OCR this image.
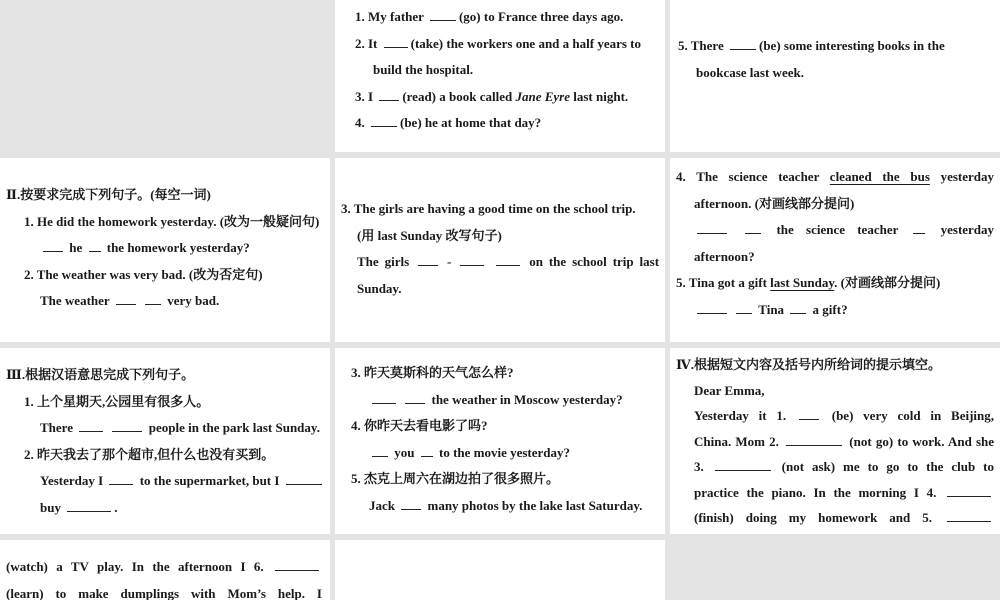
1. My father	(go) to France three days ago.
2. It	(take) the workers one and a half years to
build the hospital.
3. I (read) a book called Jane Eyre last night.
4.	(be) he at home that day?
5. There	(be) some interesting books in the
bookcase last week.
Ⅱ.按要求完成下列句子。(每空一词)
1. He did the homework yesterday. (改为一般疑问句)
he the homework yesterday?
2. The weather was very bad. (改为否定句)
The weather	very bad.
3. The girls are having a good time on the school trip.
(用 last Sunday 改写句子)
The girls	-	on the school trip last
Sunday.
4. The science teacher cleaned the bus yesterday
afternoon. (对画线部分提问)
the science teacher	yesterday
afternoon?
5. Tina got a gift last Sunday. (对画线部分提问)
Tina a gift?
Ⅲ.根据汉语意思完成下列句子。
1. 上个星期天,公园里有很多人。
There	people in the park last Sunday.
2. 昨天我去了那个超市,但什么也没有买到。
Yesterday I	to the supermarket, but I
buy	.
3. 昨天莫斯科的天气怎么样?
the weather in Moscow yesterday?
4. 你昨天去看电影了吗?
you to the movie yesterday?
5. 杰克上周六在湖边拍了很多照片。
Jack	many photos by the lake last Saturday.
Ⅳ.根据短文内容及括号内所给词的提示填空。
Dear Emma,
Yesterday it 1.	(be) very cold in Beijing,
China. Mom 2.	(not go) to work. And she
3.	(not ask) me to go to the club to
practice the piano. In the morning I 4.
(finish) doing my homework and 5.
(watch) a TV play. In the afternoon I 6.
(learn) to make dumplings with Mom’s help. I
